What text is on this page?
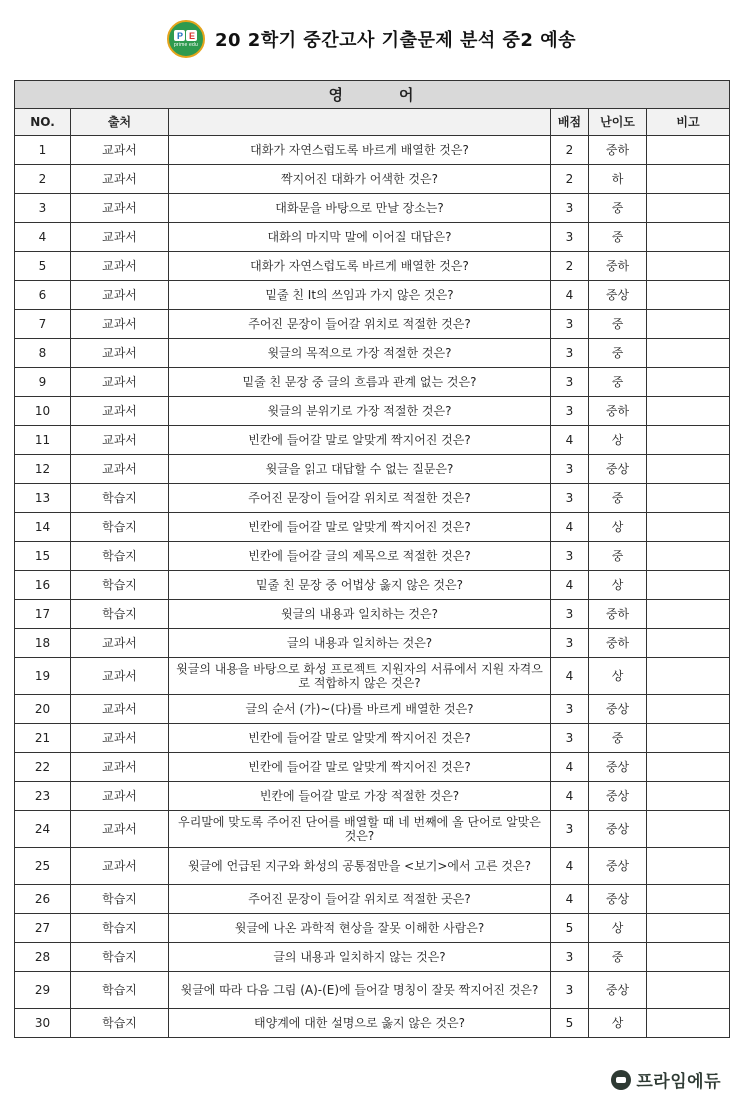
P E
prime edu 20 2학기 중간고사 기출문제 분석 중2 예송
영어					
NO.	출처		배점	난이도	비고
1	교과서	대화가 자연스럽도록 바르게 배열한 것은?	2	중하	
2	교과서	짝지어진 대화가 어색한 것은?	2	하	
3	교과서	대화문을 바탕으로 만날 장소는?	3	중	
4	교과서	대화의 마지막 말에 이어질 대답은?	3	중	
5	교과서	대화가 자연스럽도록 바르게 배열한 것은?	2	중하	
6	교과서	밑줄 친 It의 쓰임과 가지 않은 것은?	4	중상	
7	교과서	주어진 문장이 들어갈 위치로 적절한 것은?	3	중	
8	교과서	윗글의 목적으로 가장 적절한 것은?	3	중	
9	교과서	밑줄 친 문장 중 글의 흐름과 관계 없는 것은?	3	중	
10	교과서	윗글의 분위기로 가장 적절한 것은?	3	중하	
11	교과서	빈칸에 들어갈 말로 알맞게 짝지어진 것은?	4	상	
12	교과서	윗글을 읽고 대답할 수 없는 질문은?	3	중상	
13	학습지	주어진 문장이 들어갈 위치로 적절한 것은?	3	중	
14	학습지	빈칸에 들어갈 말로 알맞게 짝지어진 것은?	4	상	
15	학습지	빈칸에 들어갈 글의 제목으로 적절한 것은?	3	중	
16	학습지	밑줄 친 문장 중 어법상 옳지 않은 것은?	4	상	
17	학습지	윗글의 내용과 일치하는 것은?	3	중하	
18	교과서	글의 내용과 일치하는 것은?	3	중하	
19	교과서	윗글의 내용을 바탕으로 화성 프로젝트 지원자의 서류에서 지원 자격으로 적합하지 않은 것은?	4	상	
20	교과서	글의 순서 (가)~(다)를 바르게 배열한 것은?	3	중상	
21	교과서	빈칸에 들어갈 말로 알맞게 짝지어진 것은?	3	중	
22	교과서	빈칸에 들어갈 말로 알맞게 짝지어진 것은?	4	중상	
23	교과서	빈칸에 들어갈 말로 가장 적절한 것은?	4	중상	
24	교과서	우리말에 맞도록 주어진 단어를 배열할 때 네 번째에 올 단어로 알맞은 것은?	3	중상	
25	교과서	윗글에 언급된 지구와 화성의 공통점만을 <보기>에서 고른 것은?	4	중상	
26	학습지	주어진 문장이 들어갈 위치로 적절한 곳은?	4	중상	
27	학습지	윗글에 나온 과학적 현상을 잘못 이해한 사람은?	5	상	
28	학습지	글의 내용과 일치하지 않는 것은?	3	중	
29	학습지	윗글에 따라 다음 그림 (A)-(E)에 들어갈 명칭이 잘못 짝지어진 것은?	3	중상	
30	학습지	태양계에 대한 설명으로 옳지 않은 것은?	5	상	
프라임에듀
